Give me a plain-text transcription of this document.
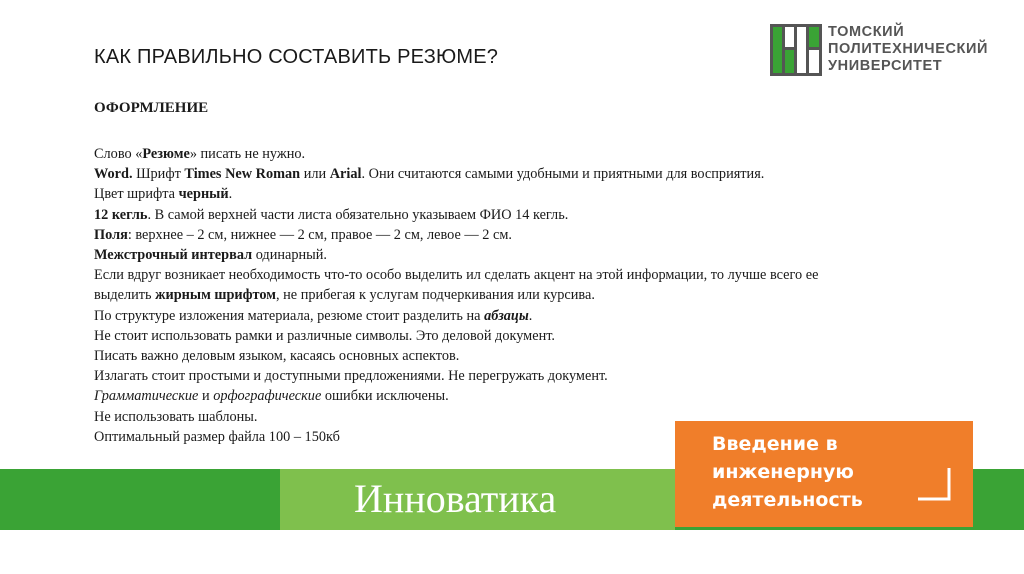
КАК ПРАВИЛЬНО СОСТАВИТЬ РЕЗЮМЕ?
ТОМСКИЙ
ПОЛИТЕХНИЧЕСКИЙ
УНИВЕРСИТЕТ
ОФОРМЛЕНИЕ
Слово «Резюме» писать не нужно.
Word. Шрифт Times New Roman или Arial. Они считаются самыми удобными и приятными для восприятия.
Цвет шрифта черный.
12 кегль. В самой верхней части листа обязательно указываем ФИО 14 кегль.
Поля: верхнее – 2 см, нижнее — 2 см, правое — 2 см, левое — 2 см.
Межстрочный интервал одинарный.
Если вдруг возникает необходимость что-то особо выделить ил сделать акцент на этой информации, то лучше всего ее
выделить жирным шрифтом, не прибегая к услугам подчеркивания или курсива.
По структуре изложения материала, резюме стоит разделить на абзацы.
Не стоит использовать рамки и различные символы. Это деловой документ.
Писать важно деловым языком, касаясь основных аспектов.
Излагать стоит простыми и доступными предложениями. Не перегружать документ.
Грамматические и орфографические ошибки исключены.
Не использовать шаблоны.
Оптимальный размер файла 100 – 150кб
Инноватика
Введение в
инженерную
деятельность
